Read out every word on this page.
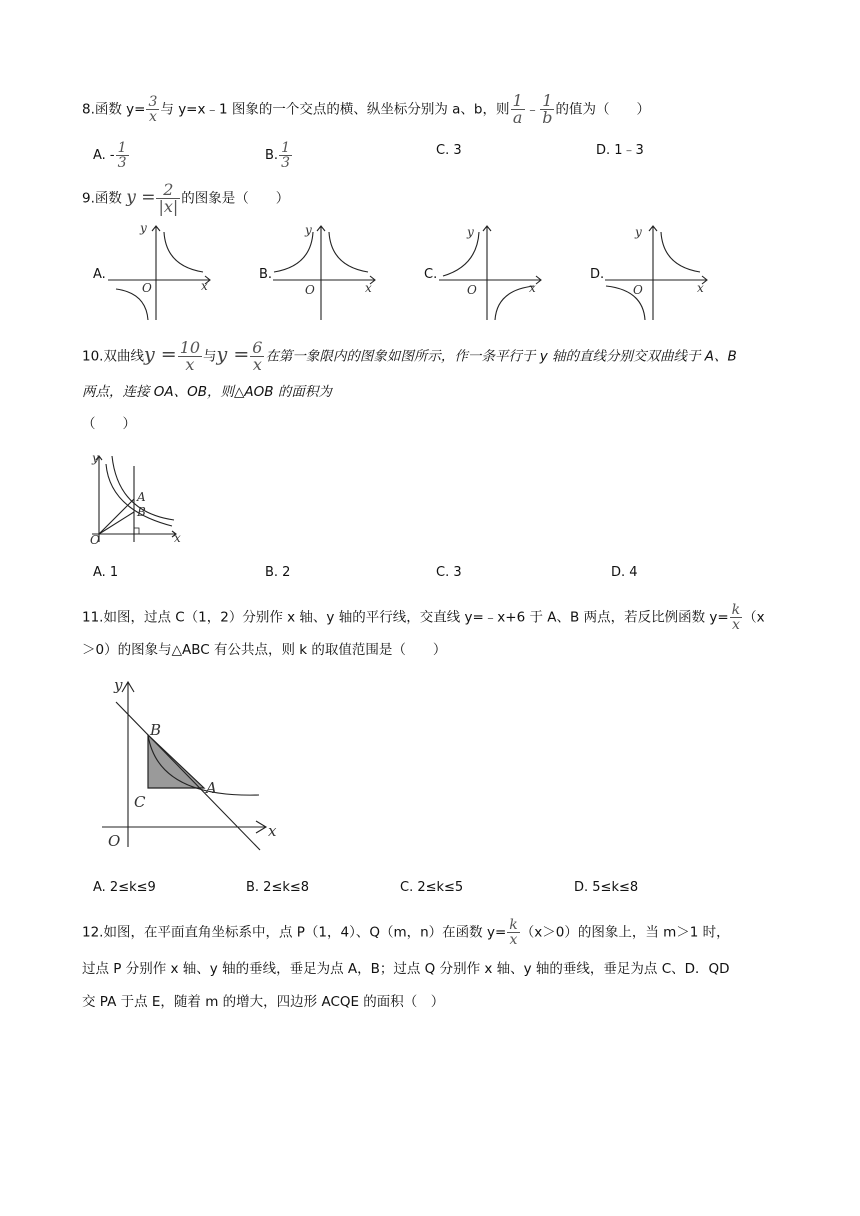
8.函数 $y= \frac{3}{x}$ 与 y=x﹣1 图象的一个交点的横、纵坐标分别为 a、b，则 $\frac{1}{a}$ ﹣ $\frac{1}{b}$ 的值为（　　）
A. - $\frac{1}{3}$	B. $\frac{1}{3}$	C. 3	D. 1﹣3
9.函数 $y = \frac{2}{|x|}$ 的图象是（　　）
A.
x
y
O
B.
x
y
O
C.
x
y
O
D.
x
y
O
10.双曲线$y = \frac{10}{x}$ 与$y = \frac{6}{x}$ 在第一象限内的图象如图所示，作一条平行于 y 轴的直线分别交双曲线于 A、B
两点，连接 OA、OB，则△AOB 的面积为
（　　）
y
x
O
A
B
A. 1	B. 2	C. 3	D. 4
11.如图，过点 C（1，2）分别作 x 轴、y 轴的平行线，交直线 y=﹣x+6 于 A、B 两点，若反比例函数 $y= \frac{k}{x} (x$
＞0）的图象与△ABC 有公共点，则 k 的取值范围是（　　）
y
x
O
B
A
C
A. 2≤k≤9	B. 2≤k≤8	C. 2≤k≤5	D. 5≤k≤8
12.如图，在平面直角坐标系中，点 P（1，4）、Q（m，n）在函数 $y= \frac{k}{x} (x>0)$的图象上，当 m＞1 时，
过点 P 分别作 x 轴、y 轴的垂线，垂足为点 A，B；过点 Q 分别作 x 轴、y 轴的垂线，垂足为点 C、D．QD
交 PA 于点 E，随着 m 的增大，四边形 ACQE 的面积（　）
